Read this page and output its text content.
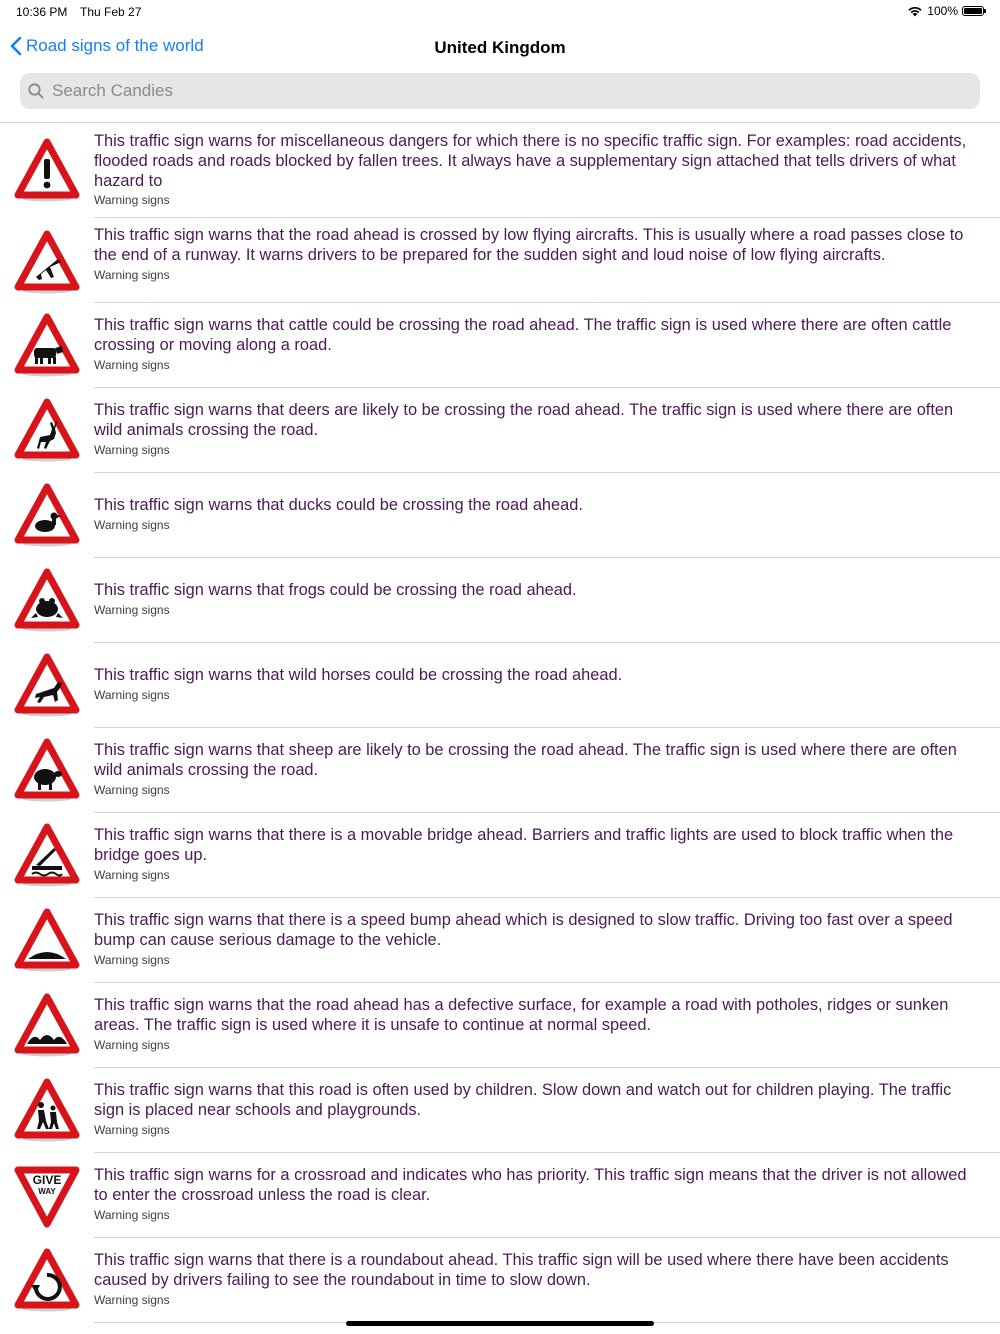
10:36 PM Thu Feb 27	100%
Road signs of the world	United Kingdom
Search Candies
This traffic sign warns for miscellaneous dangers for which there is no specific traffic sign. For examples: road accidents, flooded roads and roads blocked by fallen trees. It always have a supplementary sign attached that tells drivers of what hazard to
Warning signs
This traffic sign warns that the road ahead is crossed by low flying aircrafts. This is usually where a road passes close to the end of a runway. It warns drivers to be prepared for the sudden sight and loud noise of low flying aircrafts.
Warning signs
This traffic sign warns that cattle could be crossing the road ahead. The traffic sign is used where there are often cattle crossing or moving along a road.
Warning signs
This traffic sign warns that deers are likely to be crossing the road ahead. The traffic sign is used where there are often wild animals crossing the road.
Warning signs
This traffic sign warns that ducks could be crossing the road ahead.
Warning signs
This traffic sign warns that frogs could be crossing the road ahead.
Warning signs
This traffic sign warns that wild horses could be crossing the road ahead.
Warning signs
This traffic sign warns that sheep are likely to be crossing the road ahead. The traffic sign is used where there are often wild animals crossing the road.
Warning signs
This traffic sign warns that there is a movable bridge ahead. Barriers and traffic lights are used to block traffic when the bridge goes up.
Warning signs
This traffic sign warns that there is a speed bump ahead which is designed to slow traffic. Driving too fast over a speed bump can cause serious damage to the vehicle.
Warning signs
This traffic sign warns that the road ahead has a defective surface, for example a road with potholes, ridges or sunken areas. The traffic sign is used where it is unsafe to continue at normal speed.
Warning signs
This traffic sign warns that this road is often used by children. Slow down and watch out for children playing. The traffic sign is placed near schools and playgrounds.
Warning signs
GIVE
WAY
This traffic sign warns for a crossroad and indicates who has priority. This traffic sign means that the driver is not allowed to enter the crossroad unless the road is clear.
Warning signs
This traffic sign warns that there is a roundabout ahead. This traffic sign will be used where there have been accidents caused by drivers failing to see the roundabout in time to slow down.
Warning signs
